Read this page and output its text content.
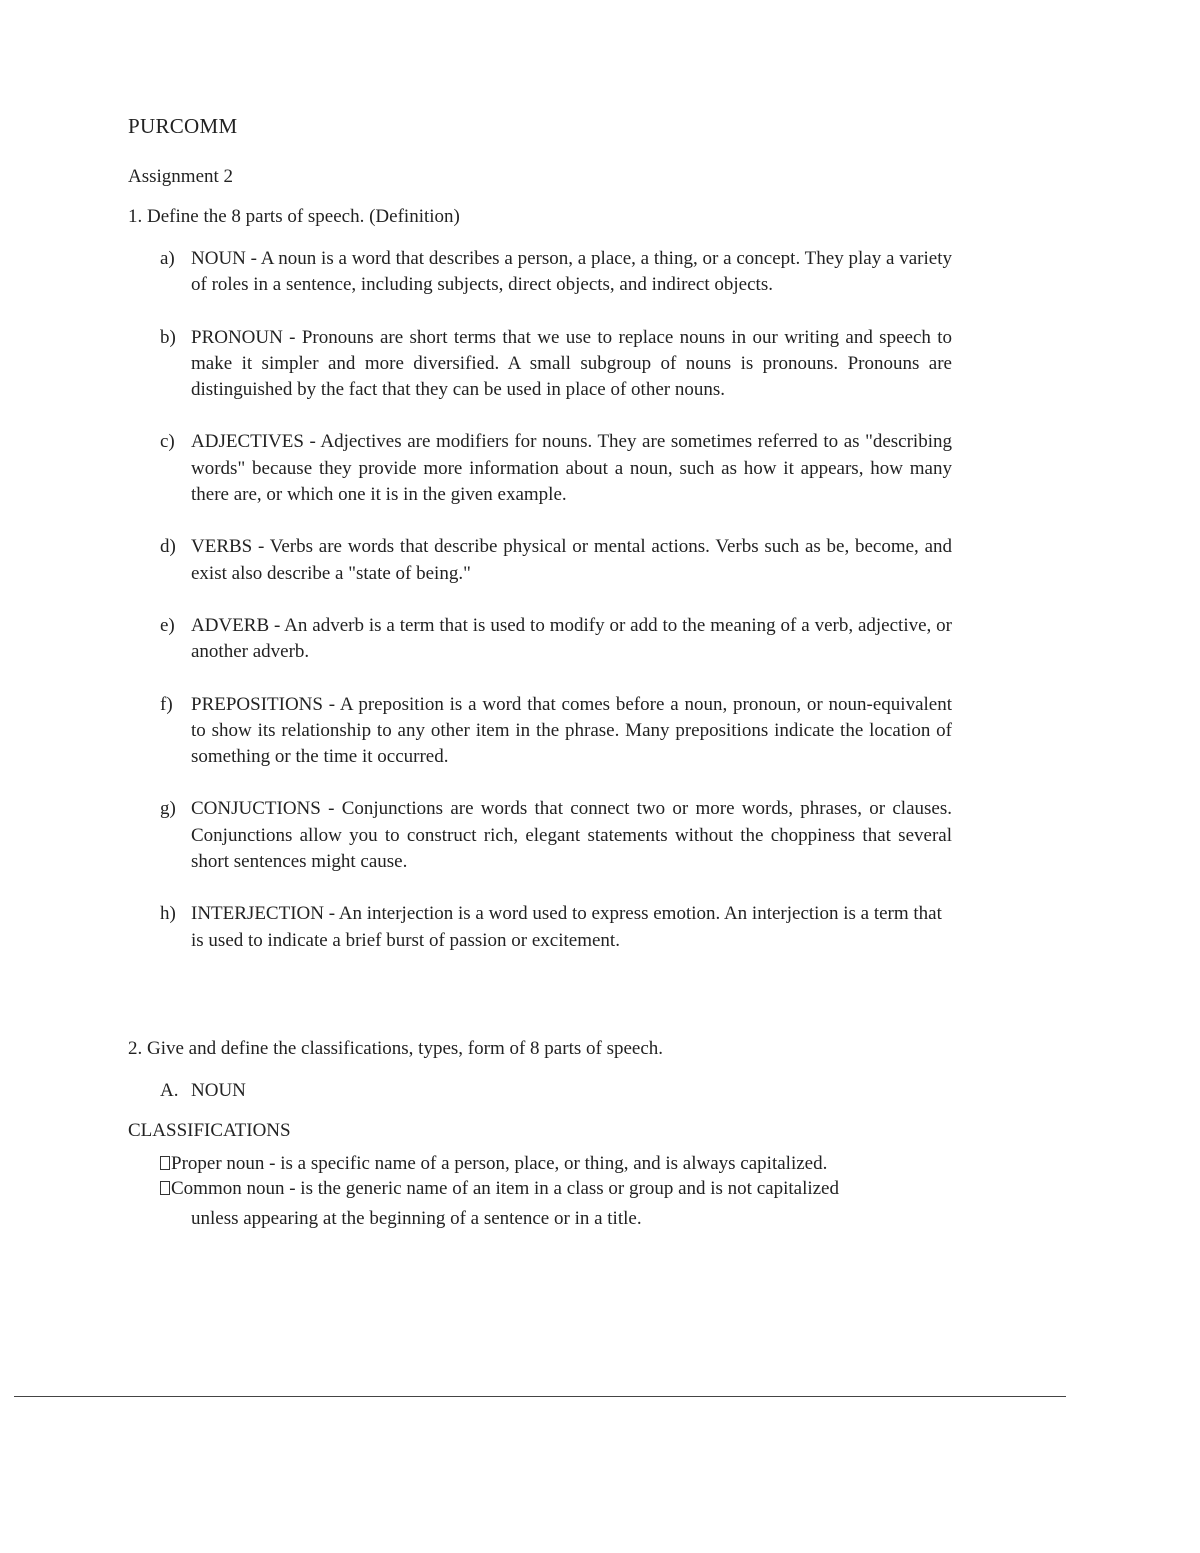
PURCOMM
Assignment 2
1. Define the 8 parts of speech. (Definition)
a) NOUN - A noun is a word that describes a person, a place, a thing, or a concept. They play a variety of roles in a sentence, including subjects, direct objects, and indirect objects.
b) PRONOUN - Pronouns are short terms that we use to replace nouns in our writing and speech to make it simpler and more diversified. A small subgroup of nouns is pronouns. Pronouns are distinguished by the fact that they can be used in place of other nouns.
c) ADJECTIVES - Adjectives are modifiers for nouns. They are sometimes referred to as "describing words" because they provide more information about a noun, such as how it appears, how many there are, or which one it is in the given example.
d) VERBS - Verbs are words that describe physical or mental actions. Verbs such as be, become, and exist also describe a "state of being."
e) ADVERB - An adverb is a term that is used to modify or add to the meaning of a verb, adjective, or another adverb.
f) PREPOSITIONS - A preposition is a word that comes before a noun, pronoun, or noun-equivalent to show its relationship to any other item in the phrase. Many prepositions indicate the location of something or the time it occurred.
g) CONJUCTIONS - Conjunctions are words that connect two or more words, phrases, or clauses. Conjunctions allow you to construct rich, elegant statements without the choppiness that several short sentences might cause.
h) INTERJECTION - An interjection is a word used to express emotion. An interjection is a term that is used to indicate a brief burst of passion or excitement.
2. Give and define the classifications, types, form of 8 parts of speech.
A. NOUN
CLASSIFICATIONS
Proper noun - is a specific name of a person, place, or thing, and is always capitalized.
Common noun - is the generic name of an item in a class or group and is not capitalized
unless appearing at the beginning of a sentence or in a title.
